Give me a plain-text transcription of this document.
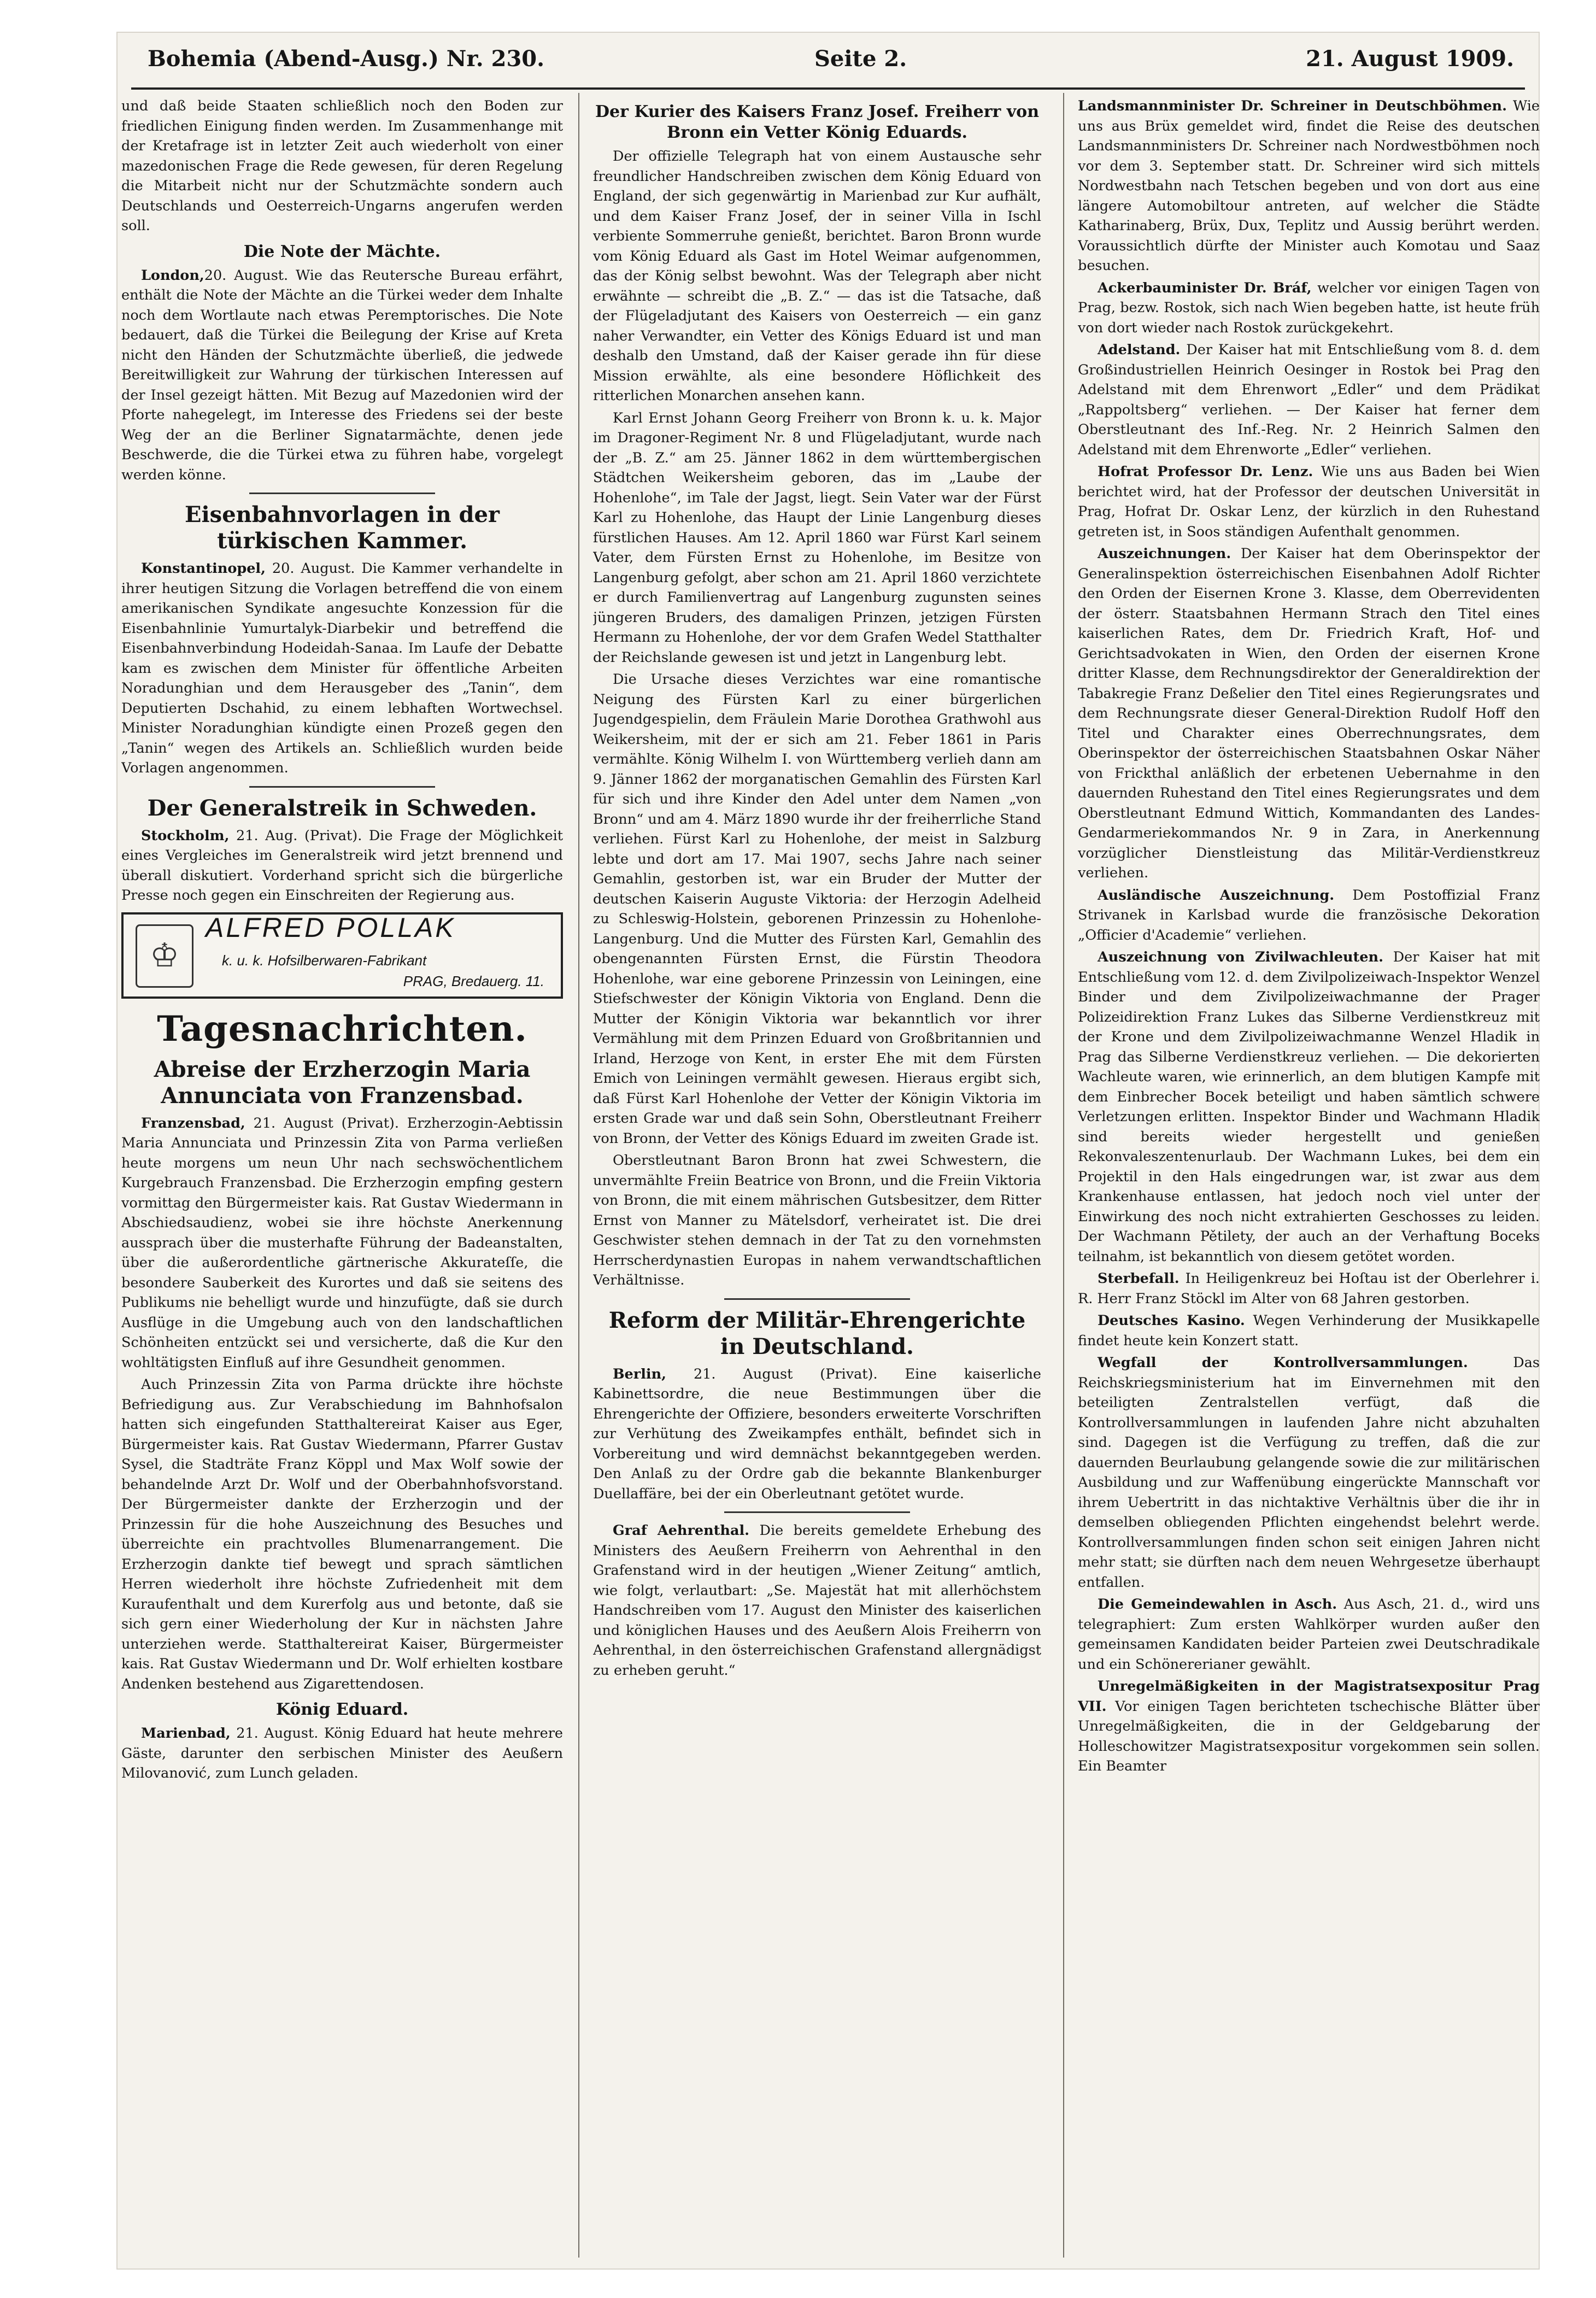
Bohemia (Abend-Ausg.) Nr. 230.	Seite 2.	21. August 1909.

und daß beide Staaten schließlich noch den Boden zur friedlichen Einigung finden werden. Im Zusammenhange mit der Kretafrage ist in letzter Zeit auch wiederholt von einer mazedonischen Frage die Rede gewesen, für deren Regelung die Mitarbeit nicht nur der Schutzmächte sondern auch Deutschlands und Oesterreich-Ungarns angerufen werden soll.

Die Note der Mächte.

London,20. August. Wie das Reutersche Bureau erfährt, enthält die Note der Mächte an die Türkei weder dem Inhalte noch dem Wortlaute nach etwas Peremptorisches. Die Note bedauert, daß die Türkei die Beilegung der Krise auf Kreta nicht den Händen der Schutzmächte überließ, die jedwede Bereitwilligkeit zur Wahrung der türkischen Interessen auf der Insel gezeigt hätten. Mit Bezug auf Mazedonien wird der Pforte nahegelegt, im Interesse des Friedens sei der beste Weg der an die Berliner Signatarmächte, denen jede Beschwerde, die die Türkei etwa zu führen habe, vorgelegt werden könne.

Eisenbahnvorlagen in der türkischen Kammer.

Konstantinopel, 20. August. Die Kammer verhandelte in ihrer heutigen Sitzung die Vorlagen betreffend die von einem amerikanischen Syndikate angesuchte Konzession für die Eisenbahnlinie Yumurtalyk-Diarbekir und betreffend die Eisenbahnverbindung Hodeidah-Sanaa. Im Laufe der Debatte kam es zwischen dem Minister für öffentliche Arbeiten Noradunghian und dem Herausgeber des „Tanin“, dem Deputierten Dschahid, zu einem lebhaften Wortwechsel. Minister Noradunghian kündigte einen Prozeß gegen den „Tanin“ wegen des Artikels an. Schließlich wurden beide Vorlagen angenommen.

Der Generalstreik in Schweden.

Stockholm, 21. Aug. (Privat). Die Frage der Möglichkeit eines Vergleiches im Generalstreik wird jetzt brennend und überall diskutiert. Vorderhand spricht sich die bürgerliche Presse noch gegen ein Einschreiten der Regierung aus.

♔
ALFRED POLLAK
k. u. k. Hofsilberwaren-Fabrikant
PRAG, Bredauerg. 11.
Tagesnachrichten.
Abreise der Erzherzogin Maria Annunciata von Franzensbad.

Franzensbad, 21. August (Privat). Erzherzogin-Aebtissin Maria Annunciata und Prinzessin Zita von Parma verließen heute morgens um neun Uhr nach sechswöchentlichem Kurgebrauch Franzensbad. Die Erzherzogin empfing gestern vormittag den Bürgermeister kais. Rat Gustav Wiedermann in Abschiedsaudienz, wobei sie ihre höchste Anerkennung aussprach über die musterhafte Führung der Badeanstalten, über die außerordentliche gärtnerische Akkurateſſe, die besondere Sauberkeit des Kurortes und daß sie seitens des Publikums nie behelligt wurde und hinzufügte, daß sie durch Ausflüge in die Umgebung auch von den landschaftlichen Schönheiten entzückt sei und versicherte, daß die Kur den wohltätigsten Einfluß auf ihre Gesundheit genommen.

Auch Prinzessin Zita von Parma drückte ihre höchste Befriedigung aus. Zur Verabschiedung im Bahnhofsalon hatten sich eingefunden Statthaltereirat Kaiser aus Eger, Bürgermeister kais. Rat Gustav Wiedermann, Pfarrer Gustav Sysel, die Stadträte Franz Köppl und Max Wolf sowie der behandelnde Arzt Dr. Wolf und der Oberbahnhofsvorstand. Der Bürgermeister dankte der Erzherzogin und der Prinzessin für die hohe Auszeichnung des Besuches und überreichte ein prachtvolles Blumenarrangement. Die Erzherzogin dankte tief bewegt und sprach sämtlichen Herren wiederholt ihre höchste Zufriedenheit mit dem Kuraufenthalt und dem Kurerfolg aus und betonte, daß sie sich gern einer Wiederholung der Kur in nächsten Jahre unterziehen werde. Statthaltereirat Kaiser, Bürgermeister kais. Rat Gustav Wiedermann und Dr. Wolf erhielten kostbare Andenken bestehend aus Zigarettendosen.

König Eduard.

Marienbad, 21. August. König Eduard hat heute mehrere Gäste, darunter den serbischen Minister des Aeußern Milovanović, zum Lunch geladen.

Der Kurier des Kaisers Franz Josef. Freiherr von Bronn ein Vetter König Eduards.

Der offizielle Telegraph hat von einem Austausche sehr freundlicher Handschreiben zwischen dem König Eduard von England, der sich gegenwärtig in Marienbad zur Kur aufhält, und dem Kaiser Franz Josef, der in seiner Villa in Ischl verbiente Sommerruhe genießt, berichtet. Baron Bronn wurde vom König Eduard als Gast im Hotel Weimar aufgenommen, das der König selbst bewohnt. Was der Telegraph aber nicht erwähnte — schreibt die „B. Z.“ — das ist die Tatsache, daß der Flügeladjutant des Kaisers von Oesterreich — ein ganz naher Verwandter, ein Vetter des Königs Eduard ist und man deshalb den Umstand, daß der Kaiser gerade ihn für diese Mission erwählte, als eine besondere Höflichkeit des ritterlichen Monarchen ansehen kann.

Karl Ernst Johann Georg Freiherr von Bronn k. u. k. Major im Dragoner-Regiment Nr. 8 und Flügeladjutant, wurde nach der „B. Z.“ am 25. Jänner 1862 in dem württembergischen Städtchen Weikersheim geboren, das im „Laube der Hohenlohe“, im Tale der Jagst, liegt. Sein Vater war der Fürst Karl zu Hohenlohe, das Haupt der Linie Langenburg dieses fürstlichen Hauses. Am 12. April 1860 war Fürst Karl seinem Vater, dem Fürsten Ernst zu Hohenlohe, im Besitze von Langenburg gefolgt, aber schon am 21. April 1860 verzichtete er durch Familienvertrag auf Langenburg zugunsten seines jüngeren Bruders, des damaligen Prinzen, jetzigen Fürsten Hermann zu Hohenlohe, der vor dem Grafen Wedel Statthalter der Reichslande gewesen ist und jetzt in Langenburg lebt.

Die Ursache dieses Verzichtes war eine romantische Neigung des Fürsten Karl zu einer bürgerlichen Jugendgespielin, dem Fräulein Marie Dorothea Grathwohl aus Weikersheim, mit der er sich am 21. Feber 1861 in Paris vermählte. König Wilhelm I. von Württemberg verlieh dann am 9. Jänner 1862 der morganatischen Gemahlin des Fürsten Karl für sich und ihre Kinder den Adel unter dem Namen „von Bronn“ und am 4. März 1890 wurde ihr der freiherrliche Stand verliehen. Fürst Karl zu Hohenlohe, der meist in Salzburg lebte und dort am 17. Mai 1907, sechs Jahre nach seiner Gemahlin, gestorben ist, war ein Bruder der Mutter der deutschen Kaiserin Auguste Viktoria: der Herzogin Adelheid zu Schleswig-Holstein, geborenen Prinzessin zu Hohenlohe-Langenburg. Und die Mutter des Fürsten Karl, Gemahlin des obengenannten Fürsten Ernst, die Fürstin Theodora Hohenlohe, war eine geborene Prinzessin von Leiningen, eine Stiefschwester der Königin Viktoria von England. Denn die Mutter der Königin Viktoria war bekanntlich vor ihrer Vermählung mit dem Prinzen Eduard von Großbritannien und Irland, Herzoge von Kent, in erster Ehe mit dem Fürsten Emich von Leiningen vermählt gewesen. Hieraus ergibt sich, daß Fürst Karl Hohenlohe der Vetter der Königin Viktoria im ersten Grade war und daß sein Sohn, Oberstleutnant Freiherr von Bronn, der Vetter des Königs Eduard im zweiten Grade ist.

Oberstleutnant Baron Bronn hat zwei Schwestern, die unvermählte Freiin Beatrice von Bronn, und die Freiin Viktoria von Bronn, die mit einem mährischen Gutsbesitzer, dem Ritter Ernst von Manner zu Mätelsdorf, verheiratet ist. Die drei Geschwister stehen demnach in der Tat zu den vornehmsten Herrscherdynastien Europas in nahem verwandtschaftlichen Verhältnisse.

Reform der Militär-Ehrengerichte in Deutschland.

Berlin, 21. August (Privat). Eine kaiserliche Kabinettsordre, die neue Bestimmungen über die Ehrengerichte der Offiziere, besonders erweiterte Vorschriften zur Verhütung des Zweikampfes enthält, befindet sich in Vorbereitung und wird demnächst bekanntgegeben werden. Den Anlaß zu der Ordre gab die bekannte Blankenburger Duellaffäre, bei der ein Oberleutnant getötet wurde.

Graf Aehrenthal. Die bereits gemeldete Erhebung des Ministers des Aeußern Freiherrn von Aehrenthal in den Grafenstand wird in der heutigen „Wiener Zeitung“ amtlich, wie folgt, verlautbart: „Se. Majestät hat mit allerhöchstem Handschreiben vom 17. August den Minister des kaiserlichen und königlichen Hauses und des Aeußern Alois Freiherrn von Aehrenthal, in den österreichischen Grafenstand allergnädigst zu erheben geruht.“

Landsmannminister Dr. Schreiner in Deutschböhmen. Wie uns aus Brüx gemeldet wird, findet die Reise des deutschen Landsmannministers Dr. Schreiner nach Nordwestböhmen noch vor dem 3. September statt. Dr. Schreiner wird sich mittels Nordwestbahn nach Tetschen begeben und von dort aus eine längere Automobiltour antreten, auf welcher die Städte Katharinaberg, Brüx, Dux, Teplitz und Aussig berührt werden. Voraussichtlich dürfte der Minister auch Komotau und Saaz besuchen.

Ackerbauminister Dr. Bráf, welcher vor einigen Tagen von Prag, bezw. Rostok, sich nach Wien begeben hatte, ist heute früh von dort wieder nach Rostok zurückgekehrt.

Adelstand. Der Kaiser hat mit Entschließung vom 8. d. dem Großindustriellen Heinrich Oesinger in Rostok bei Prag den Adelstand mit dem Ehrenwort „Edler“ und dem Prädikat „Rappoltsberg“ verliehen. — Der Kaiser hat ferner dem Oberstleutnant des Inf.-Reg. Nr. 2 Heinrich Salmen den Adelstand mit dem Ehrenworte „Edler“ verliehen.

Hofrat Professor Dr. Lenz. Wie uns aus Baden bei Wien berichtet wird, hat der Professor der deutschen Universität in Prag, Hofrat Dr. Oskar Lenz, der kürzlich in den Ruhestand getreten ist, in Soos ständigen Aufenthalt genommen.

Auszeichnungen. Der Kaiser hat dem Oberinspektor der Generalinspektion österreichischen Eisenbahnen Adolf Richter den Orden der Eisernen Krone 3. Klasse, dem Oberrevidenten der österr. Staatsbahnen Hermann Strach den Titel eines kaiserlichen Rates, dem Dr. Friedrich Kraft, Hof- und Gerichtsadvokaten in Wien, den Orden der eisernen Krone dritter Klasse, dem Rechnungsdirektor der Generaldirektion der Tabakregie Franz Deßelier den Titel eines Regierungsrates und dem Rechnungsrate dieser General-Direktion Rudolf Hoff den Titel und Charakter eines Oberrechnungsrates, dem Oberinspektor der österreichischen Staatsbahnen Oskar Näher von Frickthal anläßlich der erbetenen Uebernahme in den dauernden Ruhestand den Titel eines Regierungsrates und dem Oberstleutnant Edmund Wittich, Kommandanten des Landes-Gendarmeriekommandos Nr. 9 in Zara, in Anerkennung vorzüglicher Dienstleistung das Militär-Verdienstkreuz verliehen.

Ausländische Auszeichnung. Dem Postoffizial Franz Strivanek in Karlsbad wurde die französische Dekoration „Officier d'Academie“ verliehen.

Auszeichnung von Zivilwachleuten. Der Kaiser hat mit Entschließung vom 12. d. dem Zivilpolizeiwach-Inspektor Wenzel Binder und dem Zivilpolizeiwachmanne der Prager Polizeidirektion Franz Lukes das Silberne Verdienstkreuz mit der Krone und dem Zivilpolizeiwachmanne Wenzel Hladik in Prag das Silberne Verdienstkreuz verliehen. — Die dekorierten Wachleute waren, wie erinnerlich, an dem blutigen Kampfe mit dem Einbrecher Bocek beteiligt und haben sämtlich schwere Verletzungen erlitten. Inspektor Binder und Wachmann Hladik sind bereits wieder hergestellt und genießen Rekonvaleszentenurlaub. Der Wachmann Lukes, bei dem ein Projektil in den Hals eingedrungen war, ist zwar aus dem Krankenhause entlassen, hat jedoch noch viel unter der Einwirkung des noch nicht extrahierten Geschosses zu leiden. Der Wachmann Pětilety, der auch an der Verhaftung Boceks teilnahm, ist bekanntlich von diesem getötet worden.

Sterbefall. In Heiligenkreuz bei Hoſtau ist der Oberlehrer i. R. Herr Franz Stöckl im Alter von 68 Jahren gestorben.

Deutsches Kasino. Wegen Verhinderung der Musikkapelle findet heute kein Konzert statt.

Wegfall der Kontrollversammlungen.	Das Reichskriegsministerium hat im Einvernehmen mit den beteiligten Zentralstellen verfügt, daß die Kontrollversammlungen in laufenden Jahre nicht abzuhalten sind. Dagegen ist die Verfügung zu treffen, daß die zur dauernden Beurlaubung gelangende sowie die zur militärischen Ausbildung und zur Waffenübung eingerückte Mannschaft vor ihrem Uebertritt in das nichtaktive Verhältnis über die ihr in demselben obliegenden Pflichten eingehendst belehrt werde. Kontrollversammlungen finden schon seit einigen Jahren nicht mehr statt; sie dürften nach dem neuen Wehrgesetze überhaupt entfallen.

Die Gemeindewahlen in Asch. Aus Asch, 21. d., wird uns telegraphiert: Zum ersten Wahlkörper wurden außer den gemeinsamen Kandidaten beider Parteien zwei Deutschradikale und ein Schönererianer gewählt.

Unregelmäßigkeiten in der Magistratsexpositur Prag VII. Vor einigen Tagen berichteten tschechische Blätter über Unregelmäßigkeiten, die in der Geldgebarung der Holleschowitzer Magistratsexpositur vorgekommen sein sollen. Ein Beamter
